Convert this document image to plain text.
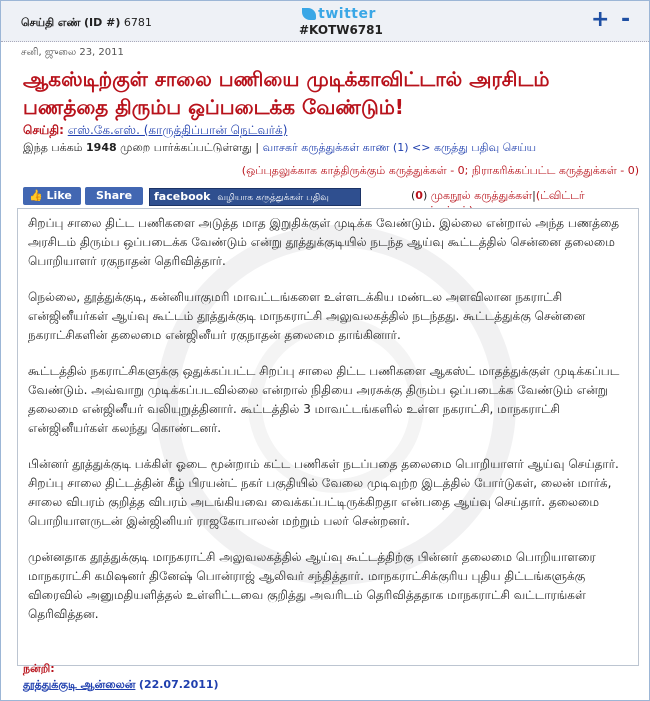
செய்தி எண் (ID #) 6781
twitter
#KOTW6781	+ -
சனி, ஜுலை 23, 2011
ஆகஸ்டிற்குள் சாலை பணியை முடிக்காவிட்டால் அரசிடம் பணத்தை திரும்ப ஒப்படைக்க வேண்டும்!
செய்தி: எஸ்.கே.எஸ். (காருத்திப்பான் நெட்வர்க்)
இந்த பக்கம் 1948 முறை பார்க்கப்பட்டுள்ளது | வாசகர் கருத்துக்கள் காண (1) <> கருத்து பதிவு செய்ய
(ஒப்புதலுக்காக காத்திருக்கும் கருத்துக்கள் - 0; நிராகரிக்கப்பட்ட கருத்துக்கள் - 0)
👍 Like	Share	facebook வழியாக கருத்துக்கள் பதிவு	(0) முகநூல் கருத்துக்கள்|(ட்விட்டர்

சிறப்பு சாலை திட்ட பணிகளை அடுத்த மாத இறுதிக்குள் முடிக்க வேண்டும். இல்லை என்றால் அந்த பணத்தை அரசிடம் திரும்ப ஒப்படைக்க வேண்டும் என்று தூத்துக்குடியில் நடந்த ஆய்வு கூட்டத்தில் சென்னை தலைமை பொறியாளர் ரகுநாதன் தெரிவித்தார்.

நெல்லை, தூத்துக்குடி, கன்னியாகுமரி மாவட்டங்களை உள்ளடக்கிய மண்டல அளவிலான நகராட்சி என்ஜினீயர்கள் ஆய்வு கூட்டம் தூத்துக்குடி மாநகராட்சி அலுவலகத்தில் நடந்தது. கூட்டத்துக்கு சென்னை நகராட்சிகளின் தலைமை என்ஜினீயர் ரகுநாதன் தலைமை தாங்கினார்.

கூட்டத்தில் நகராட்சிகளுக்கு ஒதுக்கப்பட்ட சிறப்பு சாலை திட்ட பணிகளை ஆகஸ்ட் மாதத்துக்குள் முடிக்கப்பட வேண்டும். அவ்வாறு முடிக்கப்படவில்லை என்றால் நிதியை அரசுக்கு திரும்ப ஒப்படைக்க வேண்டும் என்று தலைமை என்ஜினீயர் வலியுறுத்தினார். கூட்டத்தில் 3 மாவட்டங்களில் உள்ள நகராட்சி, மாநகராட்சி என்ஜினீயர்கள் கலந்து கொண்டனர்.

பின்னர் தூத்துக்குடி பக்கிள் ஓடை மூன்றாம் கட்ட பணிகள் நடப்பதை தலைமை பொறியாளர் ஆய்வு செய்தார். சிறப்பு சாலை திட்டத்தின் கீழ் பிரயன்ட் நகர் பகுதியில் வேலை முடிவுற்ற இடத்தில் போர்டுகள், லைன் மார்க், சாலை விபரம் குறித்த விபரம் அடங்கியவை வைக்கப்பட்டிருக்கிறதா என்பதை ஆய்வு செய்தார். தலைமை பொறியாளருடன் இன்ஜினியர் ராஜகோபாலன் மற்றும் பலர் சென்றனர்.

முன்னதாக தூத்துக்குடி மாநகராட்சி அலுவலகத்தில் ஆய்வு கூட்டத்திற்கு பின்னர் தலைமை பொறியாளரை மாநகராட்சி கமிஷனர் தினேஷ் பொன்ராஜ் ஆலிவர் சந்தித்தார். மாநகராட்சிக்குரிய புதிய திட்டங்களுக்கு விரைவில் அனுமதியளித்தல் உள்ளிட்டவை குறித்து அவரிடம் தெரிவித்ததாக மாநகராட்சி வட்டாரங்கள் தெரிவித்தன.

நன்றி:
தூத்துக்குடி ஆன்லைன் (22.07.2011)
